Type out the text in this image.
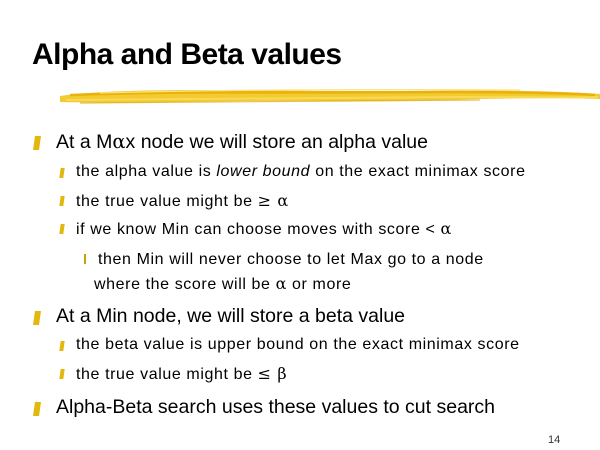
Alpha and Beta values
At a Mαx node we will store an alpha value
the alpha value is lower bound on the exact minimax score
the true value might be ≥ α
if we know Min can choose moves with score < α
then Min will never choose to let Max go to a node
where the score will be α or more
At a Min node, we will store a beta value
the beta value is upper bound on the exact minimax score
the true value might be ≤ β
Alpha-Beta search uses these values to cut search
14
